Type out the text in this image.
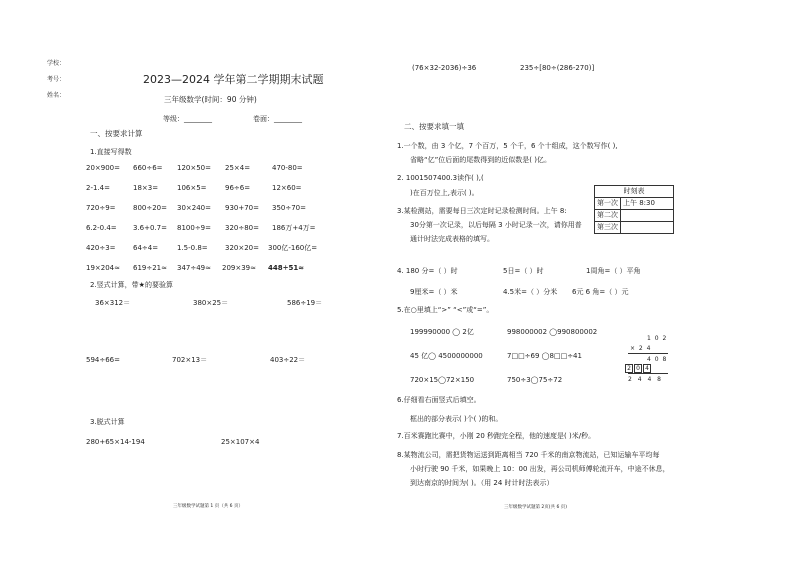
学校：
考号：
姓名：
2023—2024 学年第二学期期末试题
三年级数学(时间：90 分钟)
等级：________	卷面：________
一、按要求计算
1.直接写得数
20×900= 660÷6= 120×50= 25×4=	470-80=
2-1.4=	18×3=	106×5=	96÷6=	12×60=
720÷9= 800÷20= 30×240= 930+70= 350÷70=
6.2-0.4= 3.6+0.7= 8100÷9= 320÷80= 186万+4万=
420÷3= 64÷4=	1.5-0.8= 320×20= 300亿-160亿=
19×204≈ 619÷21≈ 347÷49≈ 209×39≈ 448÷51≈
2.竖式计算，带★的要验算
36×312＝	380×25＝	586÷19＝
594÷66=	702×13＝	403÷22＝
3.脱式计算
280+65×14-194	25×107×4
三年级数学试题第 1 页（共 6 页）
(76×32-2036)÷36	235÷[80÷(286-270)]
二、按要求填一填
1.一个数，由 3 个亿，7 个百万，5 个千，6 个十组成，这个数写作( ),
省略“亿”位后面的尾数得到的近似数是( )亿。
2. 1001507400.3读作( ),(
)在百万位上,表示( )。
3.某检测站，需要每日三次定时记录检测时间。上午 8:
30分第一次记录，以后每隔 3 小时记录一次，请你用普
通计时法完成表格的填写。
时刻表	
第一次	上午 8:30
第二次	
第三次	
4. 180 分=（ ）时	5日=（ ）时	1周角=（ ）平角
9厘米=（ ）米	4.5米=（ ）分米 6元 6 角=（ ）元
5.在○里填上“>” “<”或“=”。
199990000 ◯ 2亿	998000002 ◯990800002
45 亿◯ 4500000000	7□□÷69 ◯8□□÷41
720×15◯72×150	750÷3◯75÷72
1 0 2
× 2 4
4 0 8
2 0 4
2 4 4 8
6.仔细看右面竖式后填空。
框出的部分表示( )个( )的和。
7.百米赛跑比赛中，小刚 20 秒跑完全程，他的速度是( )米/秒。
8.某物流公司，需把货物运送到距离相当 720 千米的南京物流站，已知运输车平均每
小时行驶 90 千米，如果晚上 10：00 出发，再公司机师傅轮流开车，中途不休息，
到达南京的时间为( )。（用 24 时计时法表示）
三年级数学试题第 2页(共 6 页)
